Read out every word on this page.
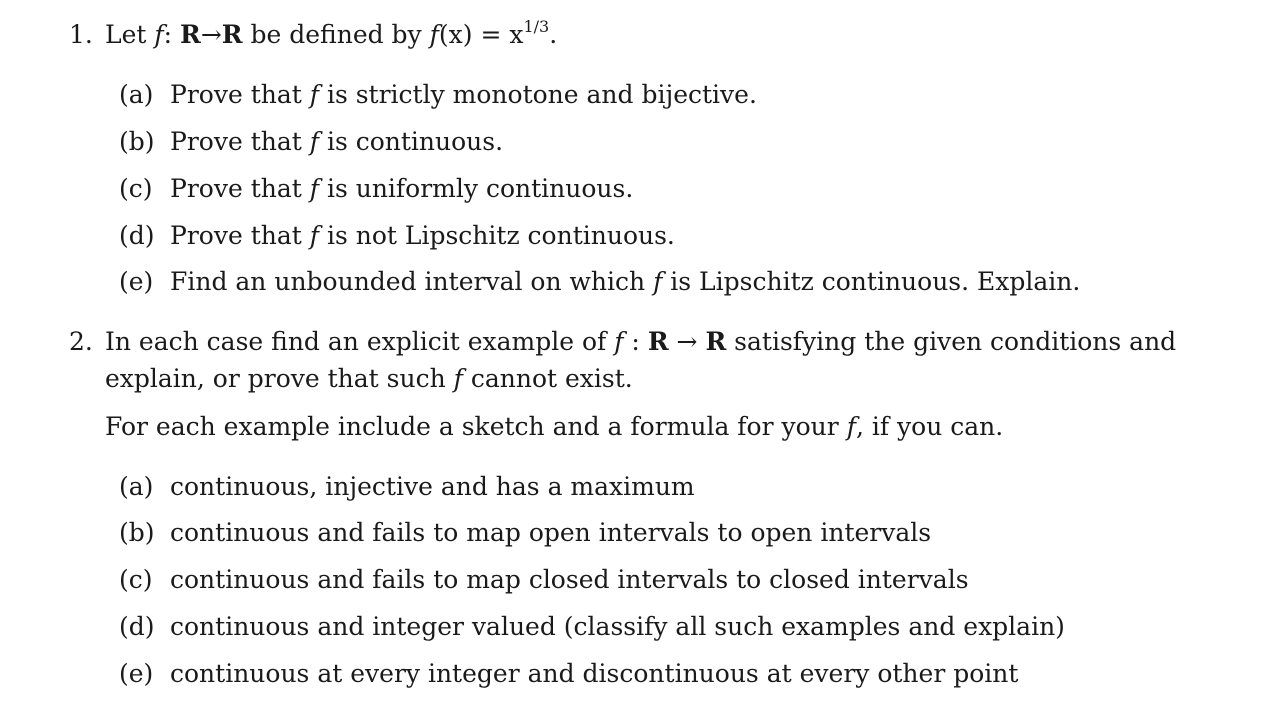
1. Let f: R→R be defined by $f(x) = x^{1/3}$.
(a) Prove that f is strictly monotone and bijective.
(b) Prove that f is continuous.
(c) Prove that f is uniformly continuous.
(d) Prove that f is not Lipschitz continuous.
(e) Find an unbounded interval on which f is Lipschitz continuous. Explain.
2. In each case find an explicit example of f : R → R satisfying the given conditions and
explain, or prove that such f cannot exist.
For each example include a sketch and a formula for your f, if you can.
(a) continuous, injective and has a maximum
(b) continuous and fails to map open intervals to open intervals
(c) continuous and fails to map closed intervals to closed intervals
(d) continuous and integer valued (classify all such examples and explain)
(e) continuous at every integer and discontinuous at every other point
